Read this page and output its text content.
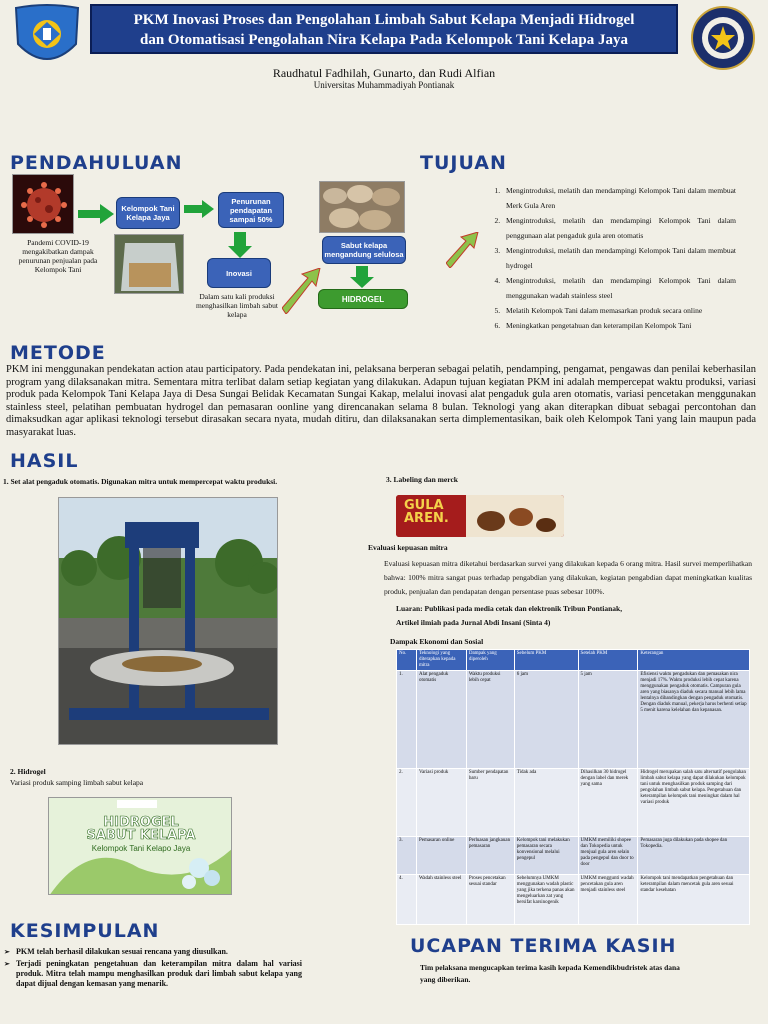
PKM Inovasi Proses dan Pengolahan Limbah Sabut Kelapa Menjadi Hidrogel
dan Otomatisasi Pengolahan Nira Kelapa Pada Kelompok Tani Kelapa Jaya
Raudhatul Fadhilah, Gunarto, dan Rudi Alfian
Universitas Muhammadiyah Pontianak
PENDAHULUAN
Pandemi COVID-19 mengakibatkan dampak penurunan penjualan pada Kelompok Tani
Kelompok Tani Kelapa Jaya
Penurunan pendapatan sampai 50%
Inovasi
Dalam satu kali produksi menghasilkan limbah sabut kelapa
Sabut kelapa mengandung selulosa
HIDROGEL
TUJUAN
1. Mengintroduksi, melatih dan mendampingi Kelompok Tani dalam membuat Merk Gula Aren
2. Mengintroduksi, melatih dan mendampingi Kelompok Tani dalam penggunaan alat pengaduk gula aren otomatis
3. Mengintroduksi, melatih dan mendampingi Kelompok Tani dalam membuat hydrogel
4. Mengintroduksi, melatih dan mendampingi Kelompok Tani dalam menggunakan wadah stainless steel
5. Melatih Kelompok Tani dalam memasarkan produk secara online
6. Meningkatkan pengetahuan dan keterampilan Kelompok Tani
METODE
PKM ini menggunakan pendekatan action atau participatory. Pada pendekatan ini, pelaksana berperan sebagai pelatih, pendamping, pengamat, pengawas dan penilai keberhasilan program yang dilaksanakan mitra. Sementara mitra terlibat dalam setiap kegiatan yang dilakukan. Adapun tujuan kegiatan PKM ini adalah mempercepat waktu produksi, variasi produk pada Kelompok Tani Kelapa Jaya di Desa Sungai Belidak Kecamatan Sungai Kakap, melalui inovasi alat pengaduk gula aren otomatis, variasi pencetakan menggunakan stainless steel, pelatihan pembuatan hydrogel dan pemasaran oonline yang direncanakan selama 8 bulan. Teknologi yang akan diterapkan dibuat sebagai percontohan dan dimaksudkan agar aplikasi teknologi tersebut dirasakan secara nyata, mudah ditiru, dan dilaksanakan serta dimplementasikan, baik oleh Kelompok Tani yang lain maupun pada masyarakat luas.
HASIL
1. Set alat pengaduk otomatis. Digunakan mitra untuk mempercepat waktu produksi.
2. Hidrogel
Variasi produk samping limbah sabut kelapa
HIDROGEL
SABUT KELAPA
Kelompok Tani Kelapo Jaya
3. Labeling dan merck
GULA
AREN.
Evaluasi kepuasan mitra
Evaluasi kepuasan mitra diketahui berdasarkan survei yang dilakukan kepada 6 orang mitra. Hasil survei memperlihatkan bahwa: 100% mitra sangat puas terhadap pengabdian yang dilakukan, kegiatan pengabdian dapat meningkatkan kualitas produk, penjualan dan pendapatan dengan persentase puas sebesar 100%.
Luaran: Publikasi pada media cetak dan elektronik Tribun Pontianak,
Artikel ilmiah pada Jurnal Abdi Insani (Sinta 4)
Dampak Ekonomi dan Sosial
No.	Teknologi yang diterapkan kepada mitra	Dampak yang diperoleh	Sebelum PKM	Setelah PKM	Keterangan
1.	Alat pengaduk otomatis	Waktu produksi lebih cepat	6 jam	5 jam	Efisiensi waktu pengadukan dan pemasakan nira menjadi 17%. Waktu produksi lebih cepat karena menggunakan pengaduk otomatis. Campuran gula aren yang biasanya diaduk secara manual lebih lama lentalnya dibandingkan dengan pengaduk otomatis. Dengan diaduk manual, pekerja harus berhenti setiap 5 menit karena kelelahan dan kepanasan.
2.	Variasi produk	Sumber pendapatan baru	Tidak ada	Dihasilkan 30 hidrogel dengan label dan merek yang sama	Hidrogel merupakan salah satu alternatif pengolahan limbah sabut kelapa yang dapat dilakukan kelompok tani untuk menghasilkan produk samping dari pengolahan limbah sabut kelapa. Pengetahuan dan keterampilan kelompok tani meningkat dalam hal variasi produk
3.	Pemasaran online	Perluasan jangkauan pemasaran	Kelompok tani melakukan pemasaran secara konvensional melalui pengepul	UMKM memiliki shopee dan Tokopedia untuk menjual gula aren selain pada pengepul dan door to door	Pemasaran juga dilakukan pada shopee dan Tokopedia.
4.	Wadah stainless steel	Proses pencetakan sesuai standar	Sebelumnya UMKM menggunakan wadah plastic yang jika terkena panas akan mengeluarkan zat yang bersifat karsinogenik	UMKM menggunti wadah pencetakan gula aren menjadi stainless steel	Kelompok tani mendapatkan pengetahuan dan keterampilan dalam mencetak gula aren sesuai standar kesehatan
KESIMPULAN
➢ PKM telah berhasil dilakukan sesuai rencana yang diusulkan.
➢ Terjadi peningkatan pengetahuan dan keterampilan mitra dalam hal variasi produk. Mitra telah mampu menghasilkan produk dari limbah sabut kelapa yang dapat dijual dengan kemasan yang menarik.
UCAPAN TERIMA KASIH
Tim pelaksana mengucapkan terima kasih kepada Kemendikbudristek atas dana yang diberikan.
